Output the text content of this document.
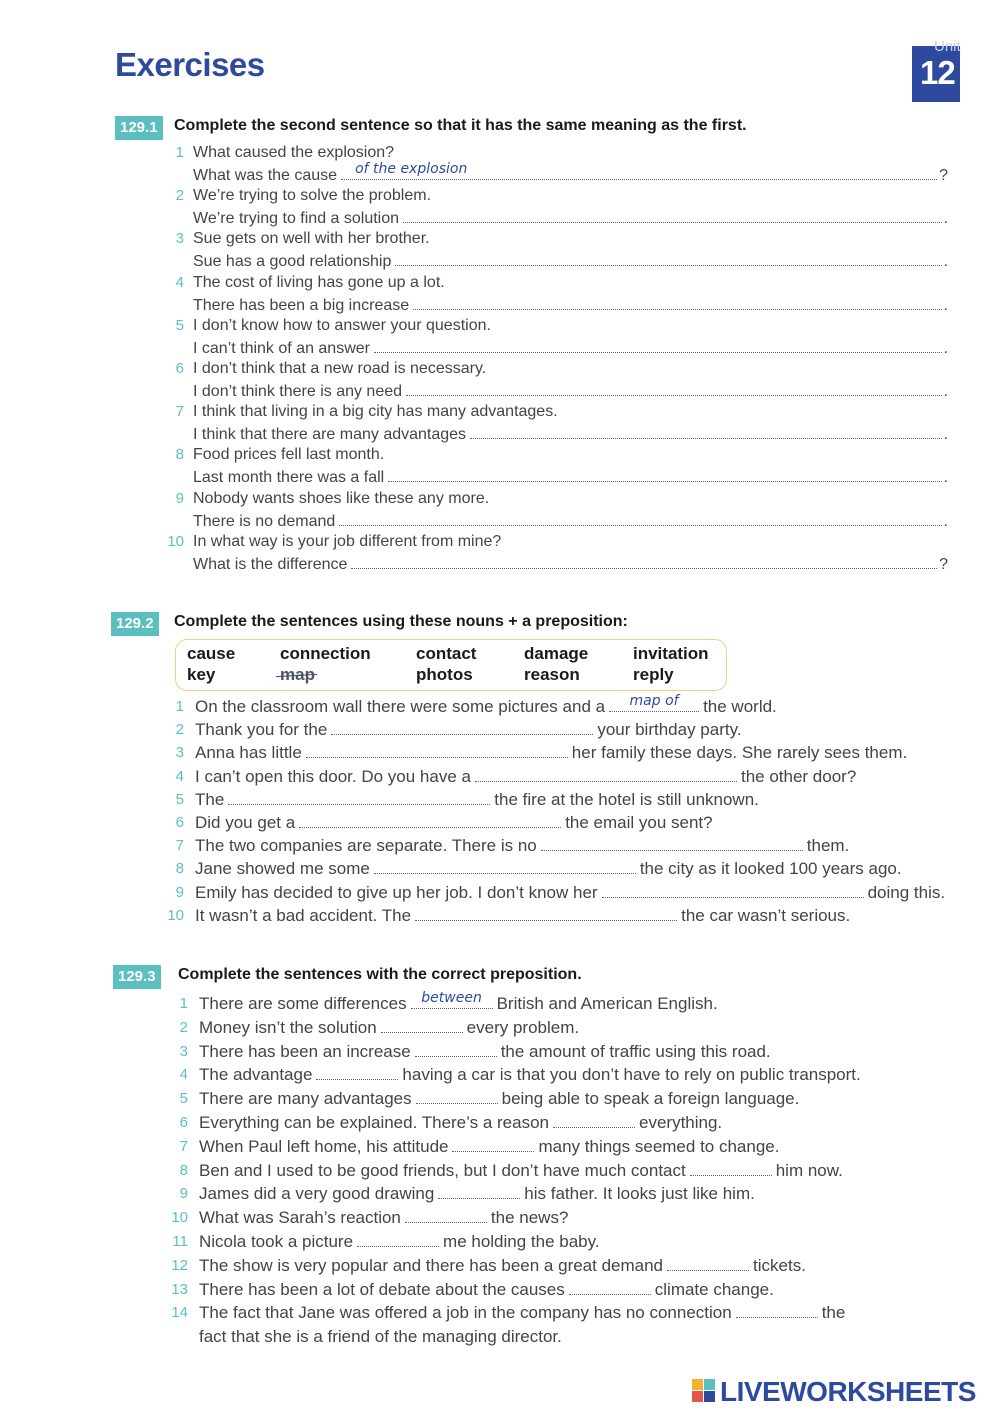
Exercises	Unit
12
129.1	Complete the second sentence so that it has the same meaning as the first.
1 What caused the explosion?
What was the cause of the explosion	?
2 We’re trying to solve the problem.
We’re trying to find a solution	.
3 Sue gets on well with her brother.
Sue has a good relationship	.
4 The cost of living has gone up a lot.
There has been a big increase	.
5 I don’t know how to answer your question.
I can’t think of an answer	.
6 I don’t think that a new road is necessary.
I don’t think there is any need	.
7 I think that living in a big city has many advantages.
I think that there are many advantages	.
8 Food prices fell last month.
Last month there was a fall	.
9 Nobody wants shoes like these any more.
There is no demand	.
10 In what way is your job different from mine?
What is the difference	?
129.2	Complete the sentences using these nouns + a preposition:
cause	connection	contact	damage	invitation
key	map	photos	reason	reply
1 On the classroom wall there were some pictures and a	map of	the world.
2 Thank you for the	your birthday party.
3 Anna has little	her family these days. She rarely sees them.
4 I can’t open this door. Do you have a	the other door?
5 The	the fire at the hotel is still unknown.
6 Did you get a	the email you sent?
7 The two companies are separate. There is no	them.
8 Jane showed me some	the city as it looked 100 years ago.
9 Emily has decided to give up her job. I don’t know her	doing this.
10 It wasn’t a bad accident. The	the car wasn’t serious.
129.3	Complete the sentences with the correct preposition.
1 There are some differences	between British and American English.
2 Money isn’t the solution	every problem.
3 There has been an increase	the amount of traffic using this road.
4 The advantage	having a car is that you don’t have to rely on public transport.
5 There are many advantages	being able to speak a foreign language.
6 Everything can be explained. There’s a reason	everything.
7 When Paul left home, his attitude	many things seemed to change.
8 Ben and I used to be good friends, but I don’t have much contact	him now.
9 James did a very good drawing	his father. It looks just like him.
10 What was Sarah’s reaction	the news?
11 Nicola took a picture	me holding the baby.
12 The show is very popular and there has been a great demand	tickets.
13 There has been a lot of debate about the causes	climate change.
14 The fact that Jane was offered a job in the company has no connection	the
fact that she is a friend of the managing director.
LIVEWORKSHEETS
